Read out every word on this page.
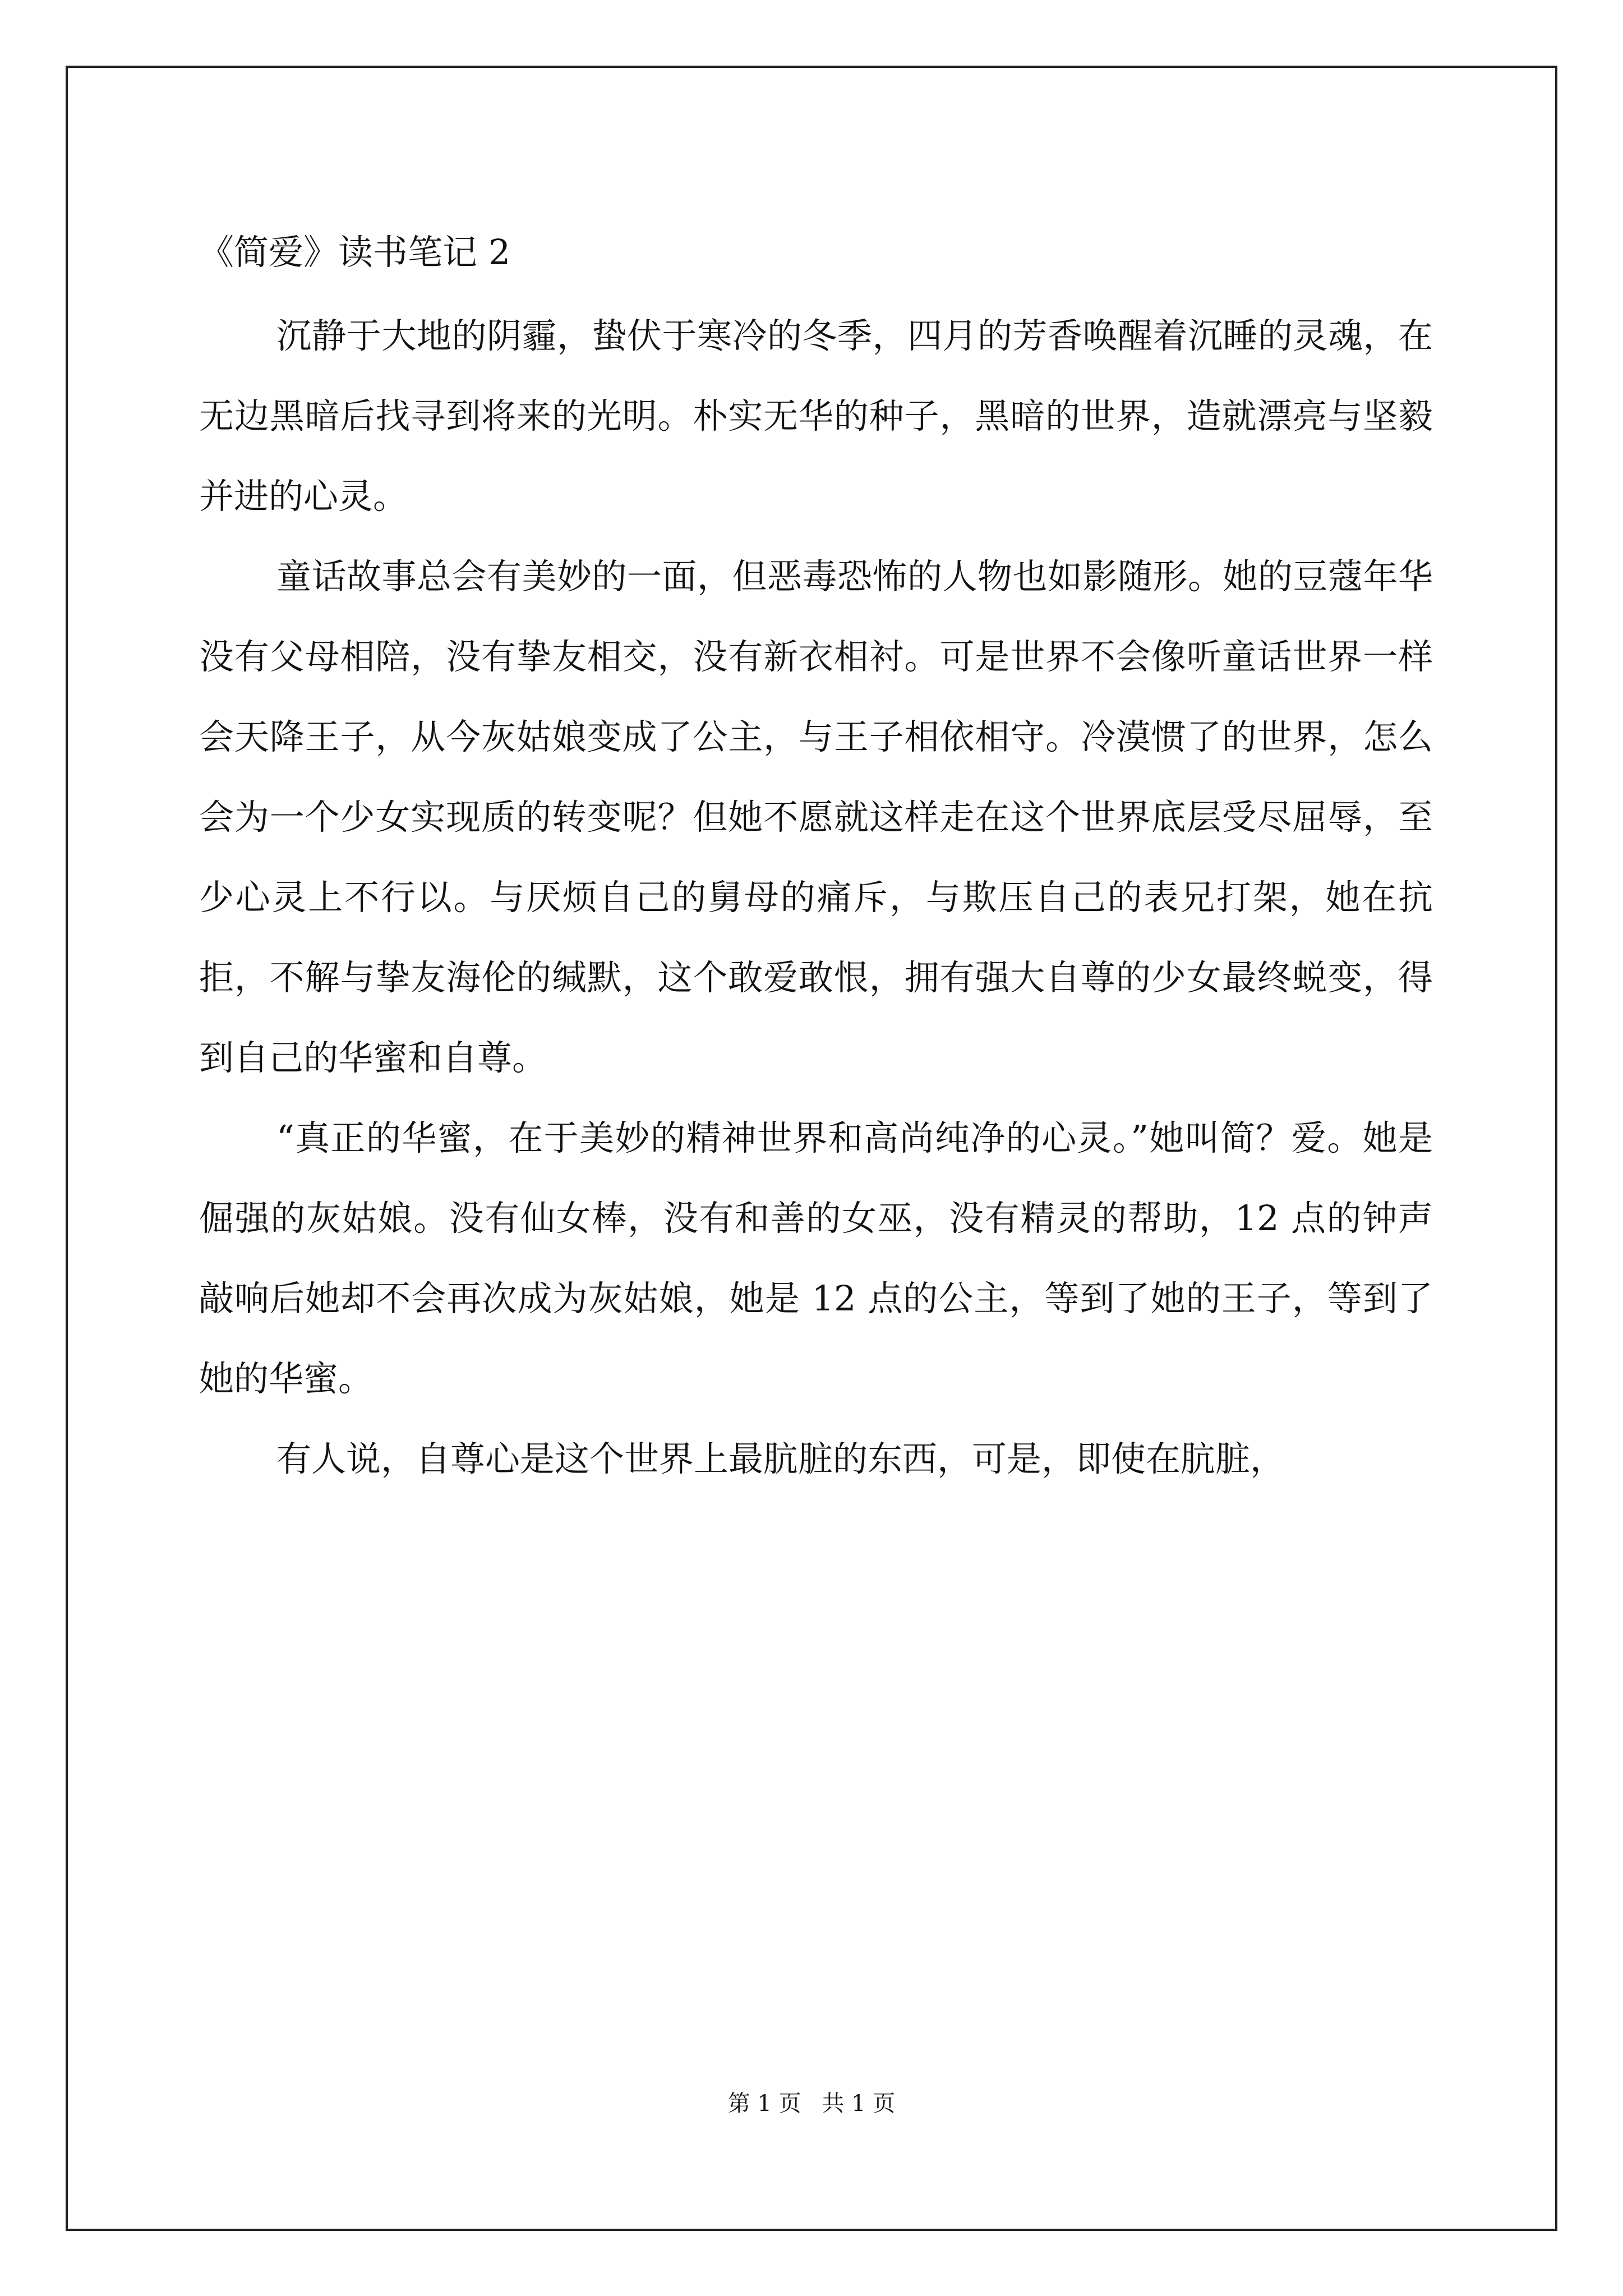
《简爱》读书笔记 2

沉静于大地的阴霾，蛰伏于寒冷的冬季，四月的芳香唤醒着沉睡的灵魂，在无边黑暗后找寻到将来的光明。朴实无华的种子，黑暗的世界，造就漂亮与坚毅并进的心灵。

童话故事总会有美妙的一面，但恶毒恐怖的人物也如影随形。她的豆蔻年华没有父母相陪，没有挚友相交，没有新衣相衬。可是世界不会像听童话世界一样会天降王子，从今灰姑娘变成了公主，与王子相依相守。冷漠惯了的世界，怎么会为一个少女实现质的转变呢？但她不愿就这样走在这个世界底层受尽屈辱，至少心灵上不行以。与厌烦自己的舅母的痛斥，与欺压自己的表兄打架，她在抗拒，不解与挚友海伦的缄默，这个敢爱敢恨，拥有强大自尊的少女最终蜕变，得到自己的华蜜和自尊。

“真正的华蜜，在于美妙的精神世界和高尚纯净的心灵。”她叫简？爱。她是倔强的灰姑娘。没有仙女棒，没有和善的女巫，没有精灵的帮助，12 点的钟声敲响后她却不会再次成为灰姑娘，她是 12 点的公主，等到了她的王子，等到了她的华蜜。

有人说，自尊心是这个世界上最肮脏的东西，可是，即使在肮脏，

第 1 页 共 1 页
